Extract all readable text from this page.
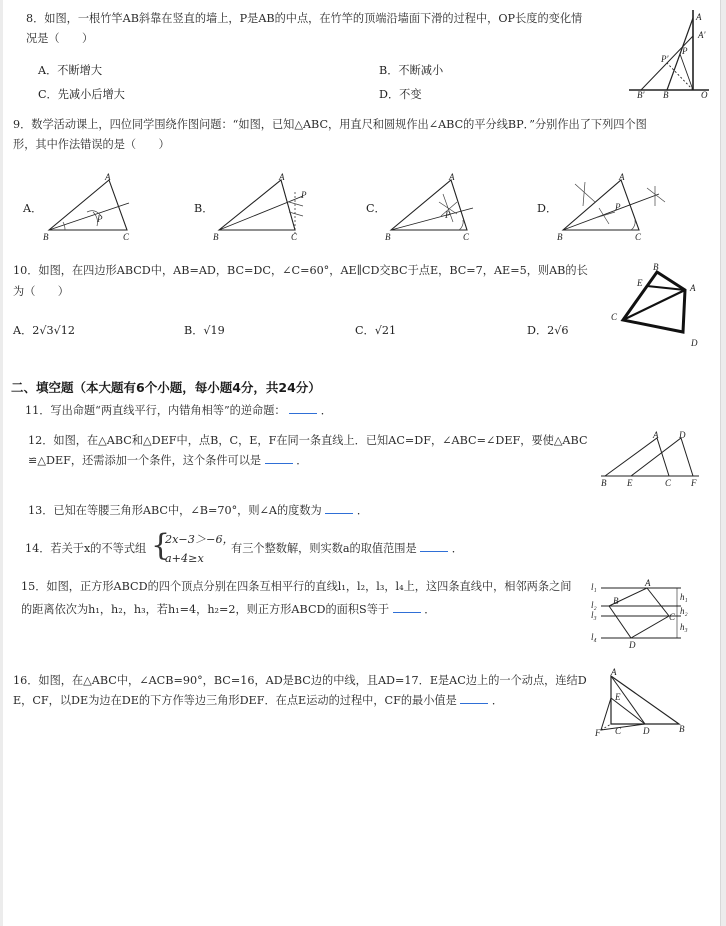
8．如图，一根竹竿AB斜靠在竖直的墙上，P是AB的中点，在竹竿的顶端沿墙面下滑的过程中，OP长度的变化情
况是（　　）
A．不断增大	B．不断减小
C．先减小后增大	D．不变
A
A'
P
P'
B' B	O
9．数学活动课上，四位同学围绕作图问题：“如图，已知△ABC，用直尺和圆规作出∠ABC的平分线BP．”分别作出了下列四个图
形，其中作法错误的是（　　）
A．
A
B	C
P
B．
A
B	C
P
C．
A
B	C
P	D．
A
B	C
P
10．如图，在四边形ABCD中，AB=AD，BC=DC，∠C=60°，AE∥CD交BC于点E，BC=7，AE=5，则AB的长
为（　　）
A．2√3√12	B．√19	C．√21	D．2√6
B
E	A
C
D
二、填空题（本大题有6个小题，每小题4分，共24分）
11．写出命题“两直线平行，内错角相等”的逆命题：	．
12．如图，在△ABC和△DEF中，点B，C，E，F在同一条直线上．已知AC=DF，∠ABC=∠DEF，要使△ABC
≌△DEF，还需添加一个条件，这个条件可以是	．
A D
B E	C F
13．已知在等腰三角形ABC中，∠B=70°，则∠A的度数为	．
14．若关于x的不等式组 {
2x−3＞−6，
a+4≥x
有三个整数解，则实数a的取值范围是	．
15．如图，正方形ABCD的四个顶点分别在四条互相平行的直线l₁，l₂，l₃，l₄上，这四条直线中，相邻两条之间
的距离依次为h₁，h₂，h₃，若h₁=4，h₂=2，则正方形ABCD的面积S等于	．
l₁
l₂
l₃
l₄
A
B
C
D
h₁
h₂
h₃
16．如图，在△ABC中，∠ACB=90°，BC=16，AD是BC边的中线，且AD=17．E是AC边上的一个动点，连结D
E，CF，以DE为边在DE的下方作等边三角形DEF．在点E运动的过程中，CF的最小值是	．
A
E
C D	B
F
